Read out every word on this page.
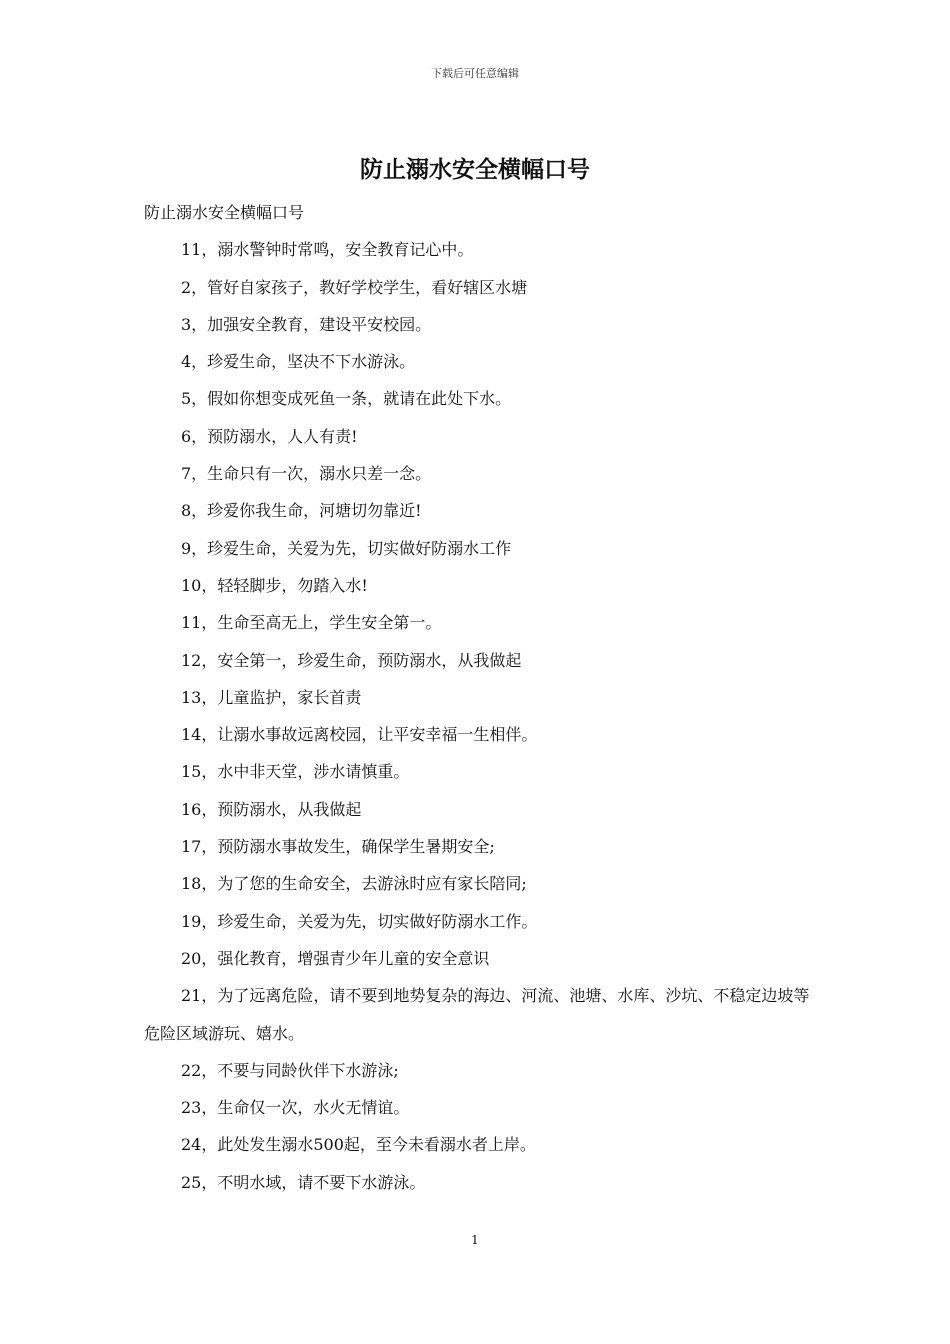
下载后可任意编辑
防止溺水安全横幅口号

防止溺水安全横幅口号

11，溺水警钟时常鸣，安全教育记心中。
2，管好自家孩子，教好学校学生，看好辖区水塘
3，加强安全教育，建设平安校园。
4，珍爱生命，坚决不下水游泳。
5，假如你想变成死鱼一条，就请在此处下水。
6，预防溺水，人人有责!
7，生命只有一次，溺水只差一念。
8，珍爱你我生命，河塘切勿靠近!
9，珍爱生命，关爱为先，切实做好防溺水工作
10，轻轻脚步，勿踏入水!
11，生命至高无上，学生安全第一。
12，安全第一，珍爱生命，预防溺水，从我做起
13，儿童监护，家长首责
14，让溺水事故远离校园，让平安幸福一生相伴。
15，水中非天堂，涉水请慎重。
16，预防溺水，从我做起
17，预防溺水事故发生，确保学生暑期安全;
18，为了您的生命安全，去游泳时应有家长陪同;
19，珍爱生命，关爱为先，切实做好防溺水工作。
20，强化教育，增强青少年儿童的安全意识
21，为了远离危险，请不要到地势复杂的海边、河流、池塘、水库、沙坑、不稳定边坡等危险区域游玩、嬉水。
22，不要与同龄伙伴下水游泳;
23，生命仅一次，水火无情谊。
24，此处发生溺水500起，至今未看溺水者上岸。
25，不明水域，请不要下水游泳。
1
